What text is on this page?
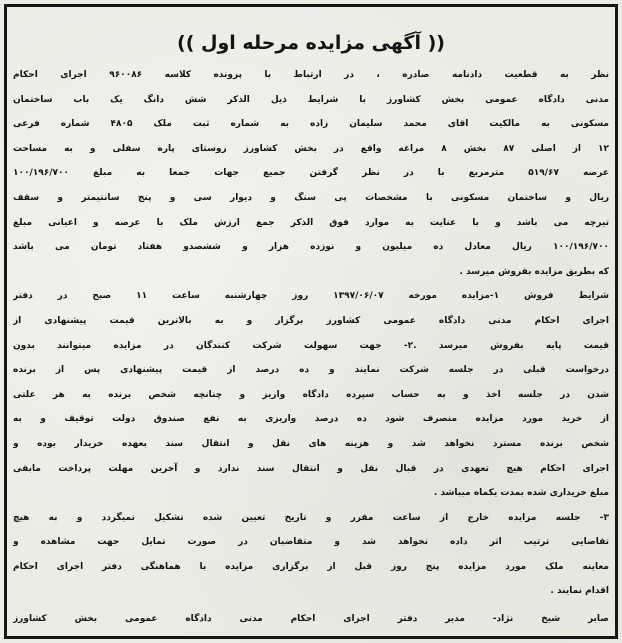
(( آگهی مزایده مرحله اول ))
نظر به قطعیت دادنامه صادره ، در ارتباط با پرونده کلاسه ۹۶۰۰۸۶ اجرای احکام
مدنی دادگاه عمومی بخش کشاورز با شرایط ذیل الذکر شش دانگ یک باب ساختمان
مسکونی به مالکیت اقای محمد سلیمان زاده به شماره ثبت ملک ۴۸۰۵ شماره فرعی
۱۲ از اصلی ۸۷ بخش ۸ مراغه واقع در بخش کشاورز روستای پاره سفلی و به مساحت
عرصه ۵۱۹/۶۷ مترمربع با در نظر گرفتن جمیع جهات جمعا به مبلغ ۱۰۰/۱۹۶/۷۰۰
ریال و ساختمان مسکونی با مشخصات پی سنگ و دیوار سی و پنج سانتیمتر و سقف
تیرچه می باشد و با عنایت به موارد فوق الذکر جمع ارزش ملک با عرصه و اعیانی مبلغ
۱۰۰/۱۹۶/۷۰۰ ریال معادل ده میلیون و نوزده هزار و ششصدو هفتاد تومان می باشد
که بطریق مزایده بفروش میرسد .
شرایط فروش ۱-مزایده مورخه ۱۳۹۷/۰۶/۰۷ روز چهارشنبه ساعت ۱۱ صبح در دفتر
اجرای احکام مدنی دادگاه عمومی کشاورز برگزار و به بالاترین قیمت پیشنهادی از
قیمت پایه بفروش میرسد .۲- جهت سهولت شرکت کنندگان در مزایده میتوانند بدون
درخواست قبلی در جلسه شرکت نمایند و ده درصد از قیمت پیشنهادی پس از برنده
شدن در جلسه اخذ و به حساب سپرده دادگاه واریز و چنانچه شخص برنده به هر علتی
از خرید مورد مزایده منصرف شود ده درصد واریزی به نفع صندوق دولت توقیف و به
شخص برنده مسترد نخواهد شد و هزینه های نقل و انتقال سند بعهده خریدار بوده و
اجرای احکام هیچ تعهدی در قبال نقل و انتقال سند ندارد و آخرین مهلت پرداخت مابقی
مبلغ خریداری شده بمدت یکماه میباشد .
۳- جلسه مزایده خارج از ساعت مقرر و تاریخ تعیین شده تشکیل نمیگردد و به هیچ
تقاضایی ترتیب اثر داده نخواهد شد و متقاضیان در صورت تمایل جهت مشاهده و
معاینه ملک مورد مزایده پنج روز قبل از برگزاری مزایده با هماهنگی دفتر اجرای احکام
اقدام نمایند .
صابر شیخ نژاد- مدیر دفتر اجرای احکام مدنی دادگاه عمومی بخش کشاورز
